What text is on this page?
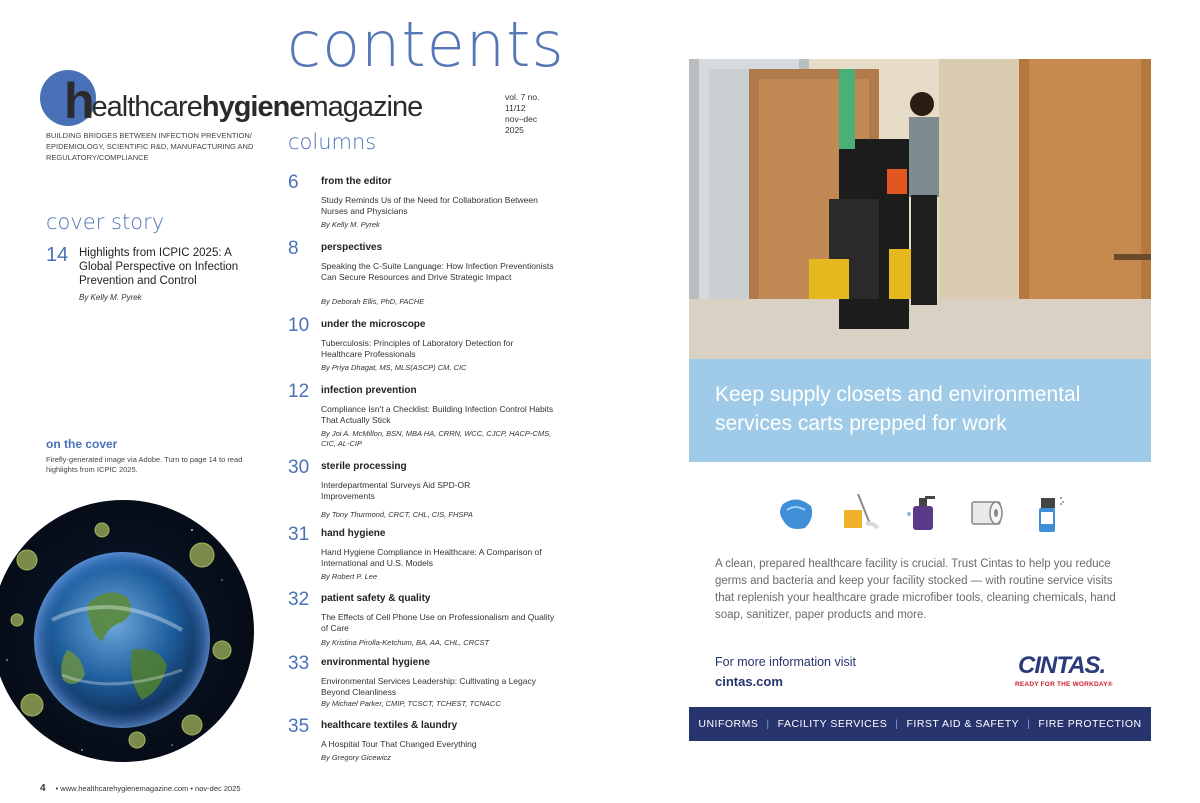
contents
healthcarehygienemagazine	vol. 7 no. 11/12
nov–dec 2025
BUILDING BRIDGES BETWEEN INFECTION PREVENTION/ EPIDEMIOLOGY, SCIENTIFIC R&D, MANUFACTURING AND REGULATORY/COMPLIANCE
cover story
14 Highlights from ICPIC 2025: A Global Perspective on Infection Prevention and Control
By Kelly M. Pyrek
on the cover
Firefly-generated image via Adobe. Turn to page 14 to read highlights from ICPIC 2025.
columns
6 from the editor
Study Reminds Us of the Need for Collaboration Between Nurses and Physicians
By Kelly M. Pyrek
8 perspectives
Speaking the C-Suite Language: How Infection Preventionists Can Secure Resources and Drive Strategic Impact
By Deborah Ellis, PhD, FACHE
10 under the microscope
Tuberculosis: Principles of Laboratory Detection for Healthcare Professionals
By Priya Dhagat, MS, MLS(ASCP) CM, CIC
12 infection prevention
Compliance Isn't a Checklist: Building Infection Control Habits That Actually Stick
By Joi A. McMillon, BSN, MBA HA, CRRN, WCC, CJCP, HACP-CMS, CIC, AL-CIP
30 sterile processing
Interdepartmental Surveys Aid SPD-OR Improvements
By Tony Thurmond, CRCT, CHL, CIS, FHSPA
31 hand hygiene
Hand Hygiene Compliance in Healthcare: A Comparison of International and U.S. Models
By Robert P. Lee
32 patient safety & quality
The Effects of Cell Phone Use on Professionalism and Quality of Care
By Kristina Pirolla-Ketchum, BA, AA, CHL, CRCST
33 environmental hygiene
Environmental Services Leadership: Cultivating a Legacy Beyond Cleanliness
By Michael Parker, CMIP, TCSCT, TCHEST, TCNACC
35 healthcare textiles & laundry
A Hospital Tour That Changed Everything
By Gregory Gicewicz
4 • www.healthcarehygienemagazine.com • nov-dec 2025
Keep supply closets and environmental services carts prepped for work
A clean, prepared healthcare facility is crucial. Trust Cintas to help you reduce germs and bacteria and keep your facility stocked — with routine service visits that replenish your healthcare grade microfiber tools, cleaning chemicals, hand soap, sanitizer, paper products and more.
For more information visit
cintas.com
CINTAS.
READY FOR THE WORKDAY®
UNIFORMS | FACILITY SERVICES | FIRST AID & SAFETY | FIRE PROTECTION
